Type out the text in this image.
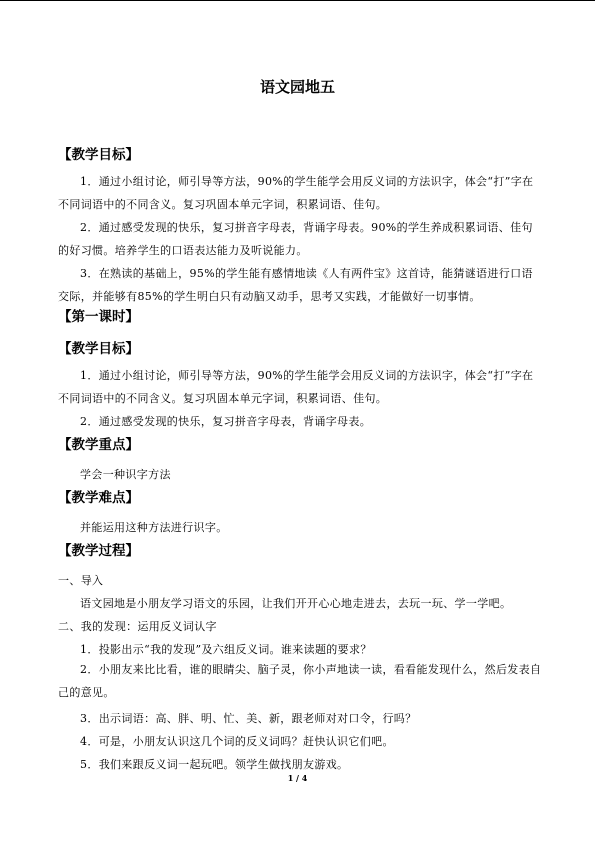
语文园地五
【教学目标】

1．通过小组讨论，师引导等方法，90%的学生能学会用反义词的方法识字，体会“打”字在不同词语中的不同含义。复习巩固本单元字词，积累词语、佳句。

2．通过感受发现的快乐，复习拼音字母表，背诵字母表。90%的学生养成积累词语、佳句的好习惯。培养学生的口语表达能力及听说能力。

3．在熟读的基础上，95%的学生能有感情地读《人有两件宝》这首诗，能猜谜语进行口语交际，并能够有85%的学生明白只有动脑又动手，思考又实践，才能做好一切事情。

【第一课时】
【教学目标】

1．通过小组讨论，师引导等方法，90%的学生能学会用反义词的方法识字，体会“打”字在不同词语中的不同含义。复习巩固本单元字词，积累词语、佳句。

2．通过感受发现的快乐，复习拼音字母表，背诵字母表。

【教学重点】
学会一种识字方法
【教学难点】
并能运用这种方法进行识字。
【教学过程】
一、导入
语文园地是小朋友学习语文的乐园，让我们开开心心地走进去，去玩一玩、学一学吧。
二、我的发现：运用反义词认字
1．投影出示“我的发现”及六组反义词。谁来读题的要求？

2．小朋友来比比看，谁的眼睛尖、脑子灵，你小声地读一读，看看能发现什么，然后发表自己的意见。

3．出示词语：高、胖、明、忙、美、新，跟老师对对口令，行吗？
4．可是，小朋友认识这几个词的反义词吗？赶快认识它们吧。
5．我们来跟反义词一起玩吧。领学生做找朋友游戏。
1 / 4
